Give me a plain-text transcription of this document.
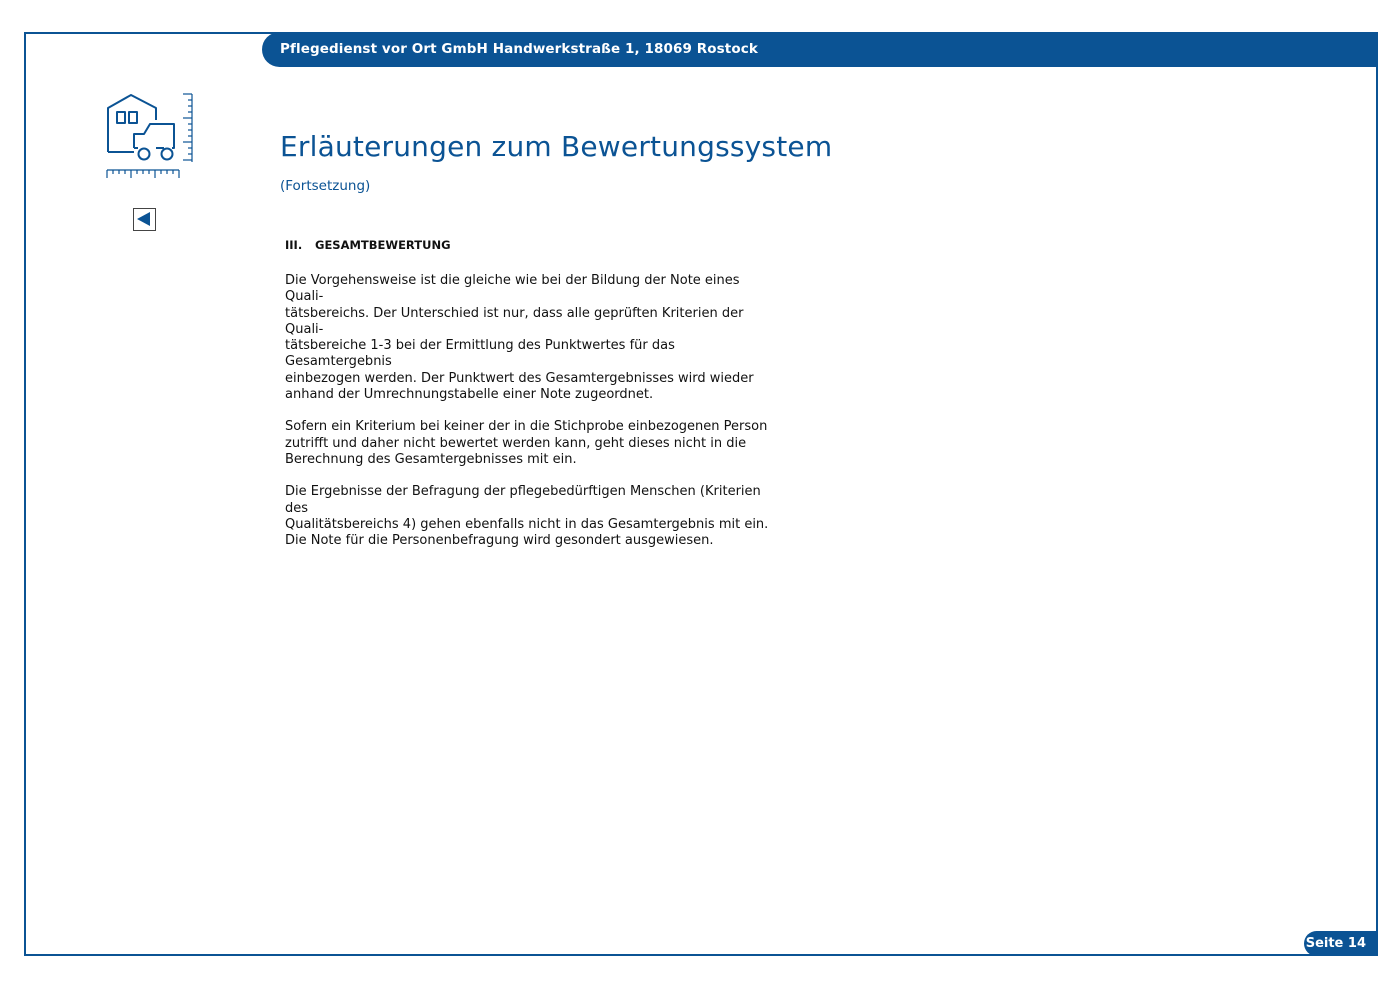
Pflegedienst vor Ort GmbH Handwerkstraße 1, 18069 Rostock
Erläuterungen zum Bewertungssystem
(Fortsetzung)
III. GESAMTBEWERTUNG

Die Vorgehensweise ist die gleiche wie bei der Bildung der Note eines Quali-
tätsbereichs. Der Unterschied ist nur, dass alle geprüften Kriterien der Quali-
tätsbereiche 1-3 bei der Ermittlung des Punktwertes für das Gesamtergebnis
einbezogen werden. Der Punktwert des Gesamtergebnisses wird wieder
anhand der Umrechnungstabelle einer Note zugeordnet.

Sofern ein Kriterium bei keiner der in die Stichprobe einbezogenen Person
zutrifft und daher nicht bewertet werden kann, geht dieses nicht in die
Berechnung des Gesamtergebnisses mit ein.

Die Ergebnisse der Befragung der pflegebedürftigen Menschen (Kriterien des
Qualitätsbereichs 4) gehen ebenfalls nicht in das Gesamtergebnis mit ein.
Die Note für die Personenbefragung wird gesondert ausgewiesen.

Seite 14
